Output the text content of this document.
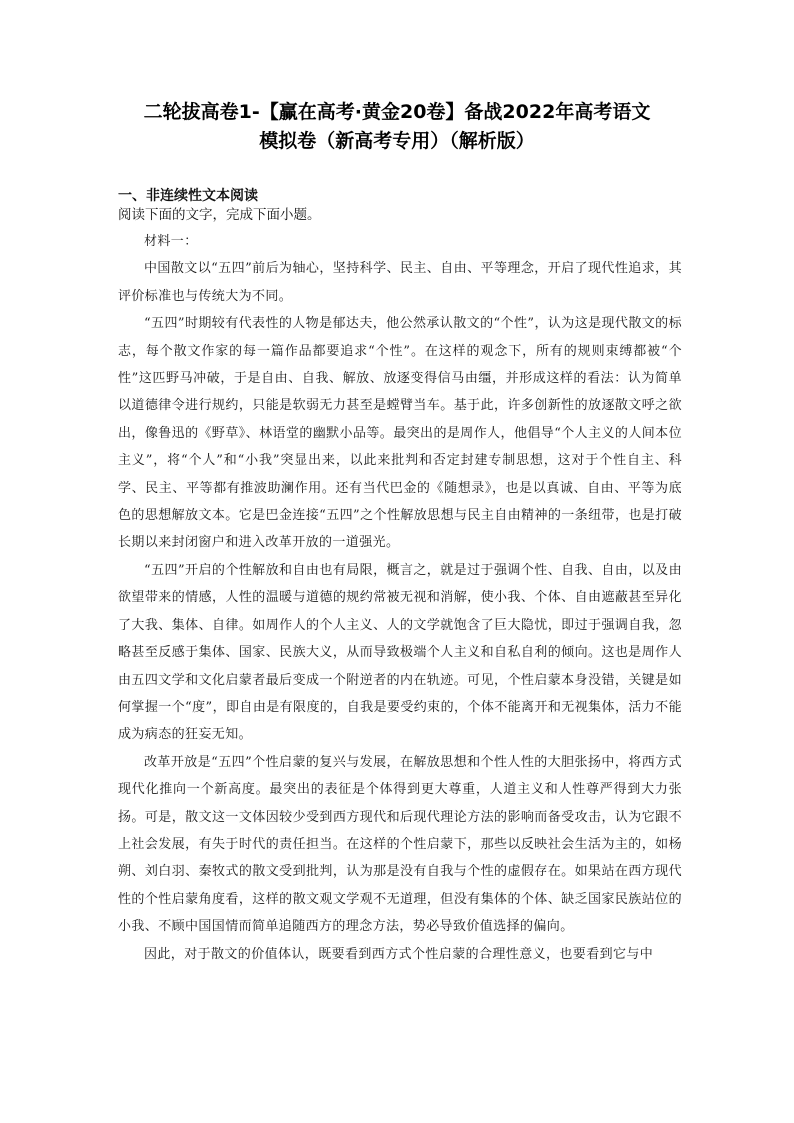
二轮拔高卷1-【赢在高考·黄金20卷】备战2022年高考语文
模拟卷（新高考专用）（解析版）
一、非连续性文本阅读
阅读下面的文字，完成下面小题。

材料一：

中国散文以“五四”前后为轴心，坚持科学、民主、自由、平等理念，开启了现代性追求，其评价标准也与传统大为不同。

“五四”时期较有代表性的人物是郁达夫，他公然承认散文的“个性”，认为这是现代散文的标志，每个散文作家的每一篇作品都要追求“个性”。在这样的观念下，所有的规则束缚都被“个性”这匹野马冲破，于是自由、自我、解放、放逐变得信马由缰，并形成这样的看法：认为简单以道德律令进行规约，只能是软弱无力甚至是螳臂当车。基于此，许多创新性的放逐散文呼之欲出，像鲁迅的《野草》、林语堂的幽默小品等。最突出的是周作人，他倡导“个人主义的人间本位主义”，将“个人”和“小我”突显出来，以此来批判和否定封建专制思想，这对于个性自主、科学、民主、平等都有推波助澜作用。还有当代巴金的《随想录》，也是以真诚、自由、平等为底色的思想解放文本。它是巴金连接“五四”之个性解放思想与民主自由精神的一条纽带，也是打破长期以来封闭窗户和进入改革开放的一道强光。

“五四”开启的个性解放和自由也有局限，概言之，就是过于强调个性、自我、自由，以及由欲望带来的情感，人性的温暖与道德的规约常被无视和消解，使小我、个体、自由遮蔽甚至异化了大我、集体、自律。如周作人的个人主义、人的文学就饱含了巨大隐忧，即过于强调自我，忽略甚至反感于集体、国家、民族大义，从而导致极端个人主义和自私自利的倾向。这也是周作人由五四文学和文化启蒙者最后变成一个附逆者的内在轨迹。可见，个性启蒙本身没错，关键是如何掌握一个“度”，即自由是有限度的，自我是要受约束的，个体不能离开和无视集体，活力不能成为病态的狂妄无知。

改革开放是“五四”个性启蒙的复兴与发展，在解放思想和个性人性的大胆张扬中，将西方式现代化推向一个新高度。最突出的表征是个体得到更大尊重，人道主义和人性尊严得到大力张扬。可是，散文这一文体因较少受到西方现代和后现代理论方法的影响而备受攻击，认为它跟不上社会发展，有失于时代的责任担当。在这样的个性启蒙下，那些以反映社会生活为主的，如杨朔、刘白羽、秦牧式的散文受到批判，认为那是没有自我与个性的虚假存在。如果站在西方现代性的个性启蒙角度看，这样的散文观文学观不无道理，但没有集体的个体、缺乏国家民族站位的小我、不顾中国国情而简单追随西方的理念方法，势必导致价值选择的偏向。

因此，对于散文的价值体认，既要看到西方式个性启蒙的合理性意义，也要看到它与中
